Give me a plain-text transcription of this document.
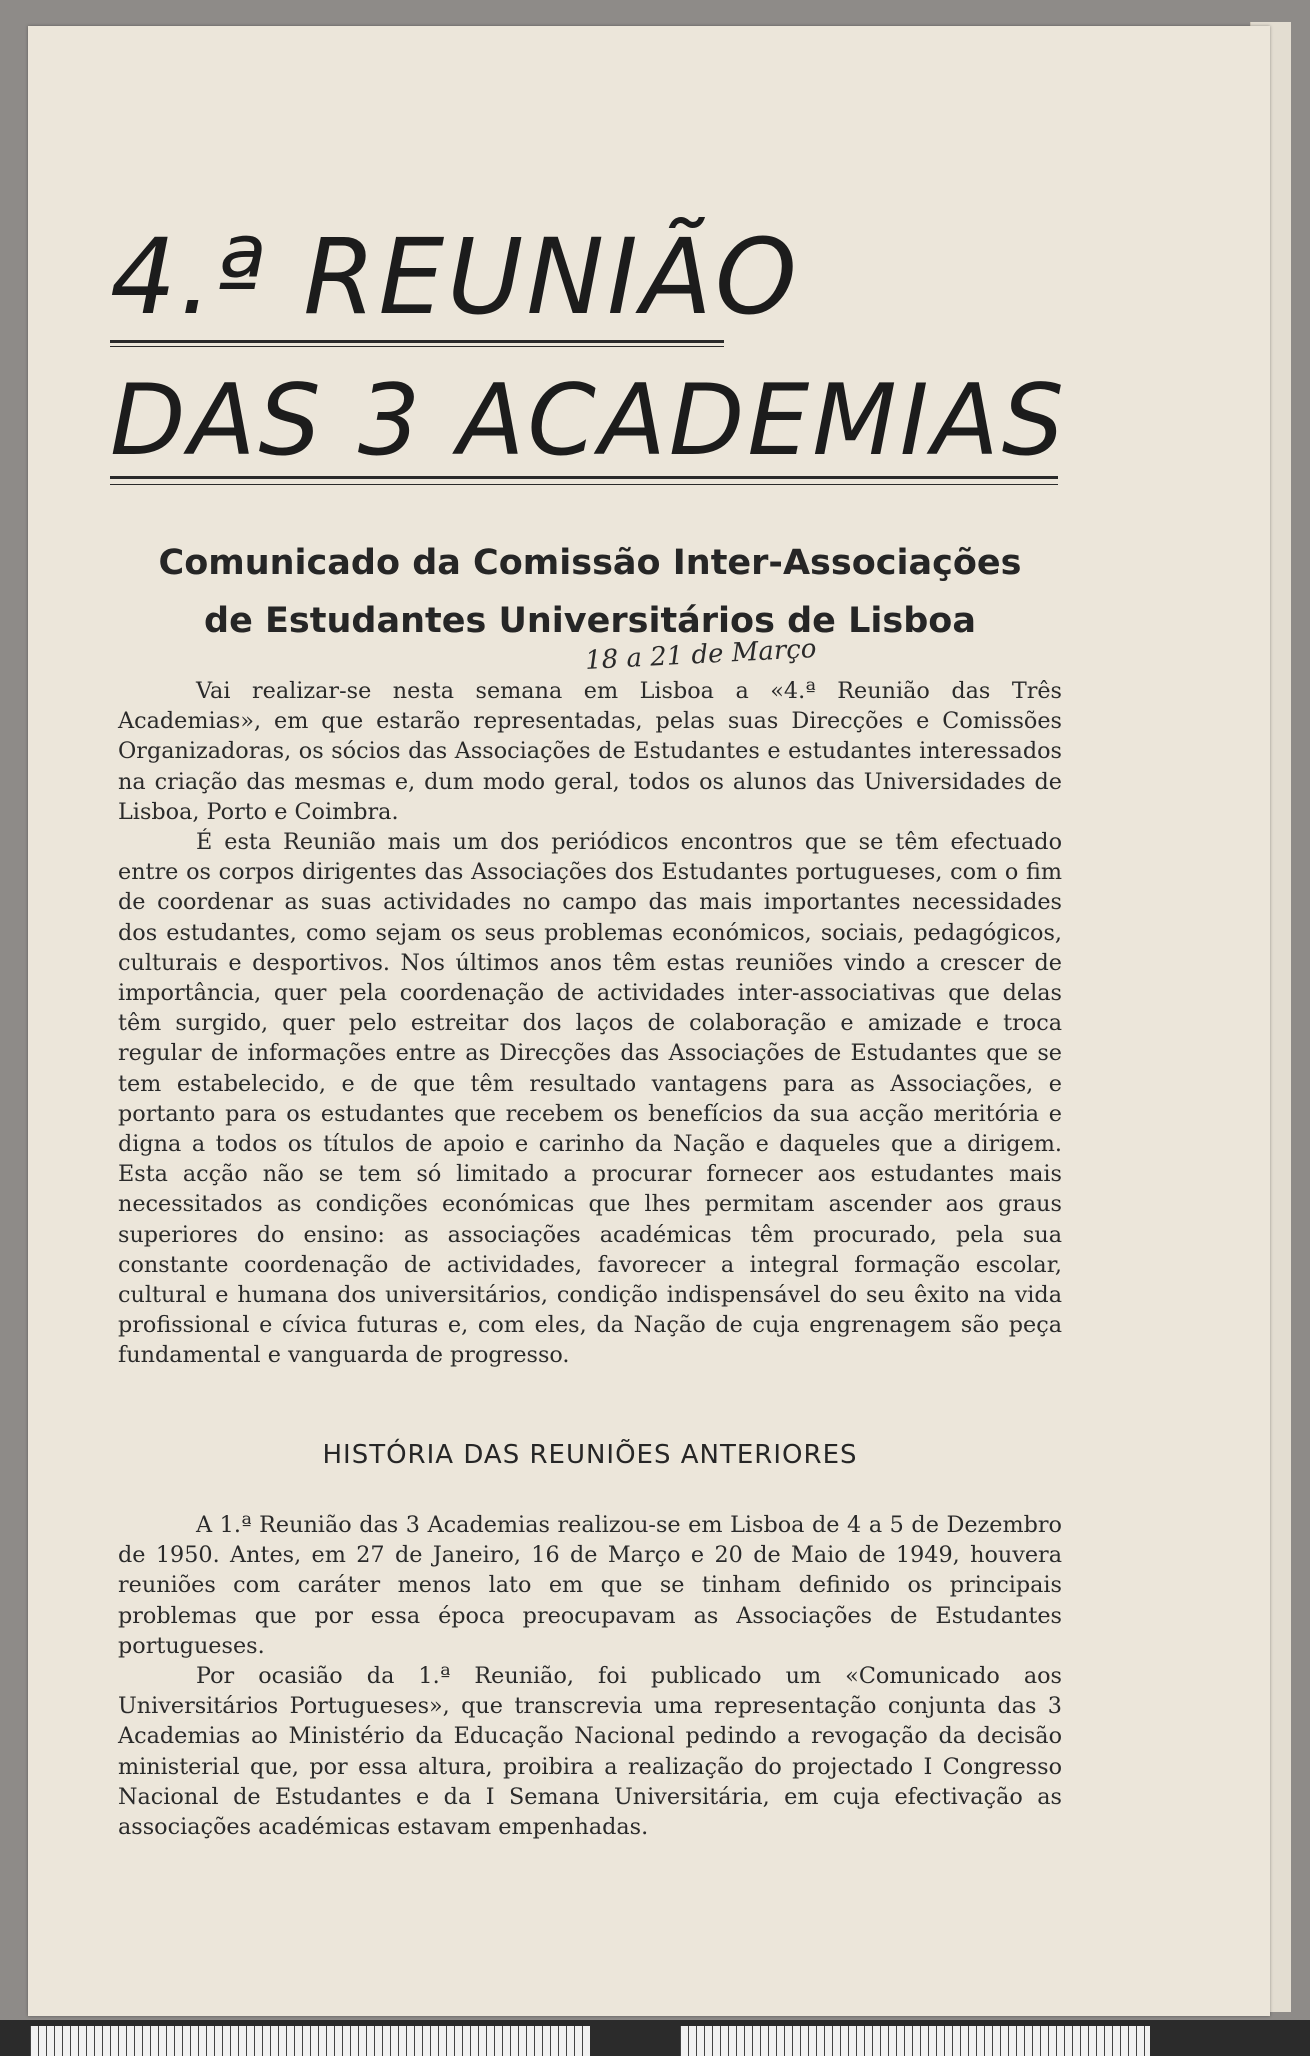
4.ª REUNIÃO
DAS 3 ACADEMIAS
Comunicado da Comissão Inter-Associações
de Estudantes Universitários de Lisboa
18 a 21 de Março

Vai realizar-se nesta semana em Lisboa a «4.ª Reunião das Três Academias», em que estarão representadas, pelas suas Direcções e Comissões Organizadoras, os sócios das Associações de Estudantes e estudantes interessados na criação das mesmas e, dum modo geral, todos os alunos das Universidades de Lisboa, Porto e Coimbra.

É esta Reunião mais um dos periódicos encontros que se têm efectuado entre os corpos dirigentes das Associações dos Estudantes portugueses, com o fim de coordenar as suas actividades no campo das mais importantes necessidades dos estudantes, como sejam os seus problemas económicos, sociais, pedagógicos, culturais e desportivos. Nos últimos anos têm estas reuniões vindo a crescer de importância, quer pela coordenação de actividades inter-associativas que delas têm surgido, quer pelo estreitar dos laços de colaboração e amizade e troca regular de informações entre as Direcções das Associações de Estudantes que se tem estabelecido, e de que têm resultado vantagens para as Associações, e portanto para os estudantes que recebem os benefícios da sua acção meritória e digna a todos os títulos de apoio e carinho da Nação e daqueles que a dirigem. Esta acção não se tem só limitado a procurar fornecer aos estudantes mais necessitados as condições económicas que lhes permitam ascender aos graus superiores do ensino: as associações académicas têm procurado, pela sua constante coordenação de actividades, favorecer a integral formação escolar, cultural e humana dos universitários, condição indispensável do seu êxito na vida profissional e cívica futuras e, com eles, da Nação de cuja engrenagem são peça fundamental e vanguarda de progresso.

HISTÓRIA DAS REUNIÕES ANTERIORES

A 1.ª Reunião das 3 Academias realizou-se em Lisboa de 4 a 5 de Dezembro de 1950. Antes, em 27 de Janeiro, 16 de Março e 20 de Maio de 1949, houvera reuniões com caráter menos lato em que se tinham definido os principais problemas que por essa época preocupavam as Associações de Estudantes portugueses.

Por ocasião da 1.ª Reunião, foi publicado um «Comunicado aos Universitários Portugueses», que transcrevia uma representação conjunta das 3 Academias ao Ministério da Educação Nacional pedindo a revogação da decisão ministerial que, por essa altura, proibira a realização do projectado I Congresso Nacional de Estudantes e da I Semana Universitária, em cuja efectivação as associações académicas estavam empenhadas.
